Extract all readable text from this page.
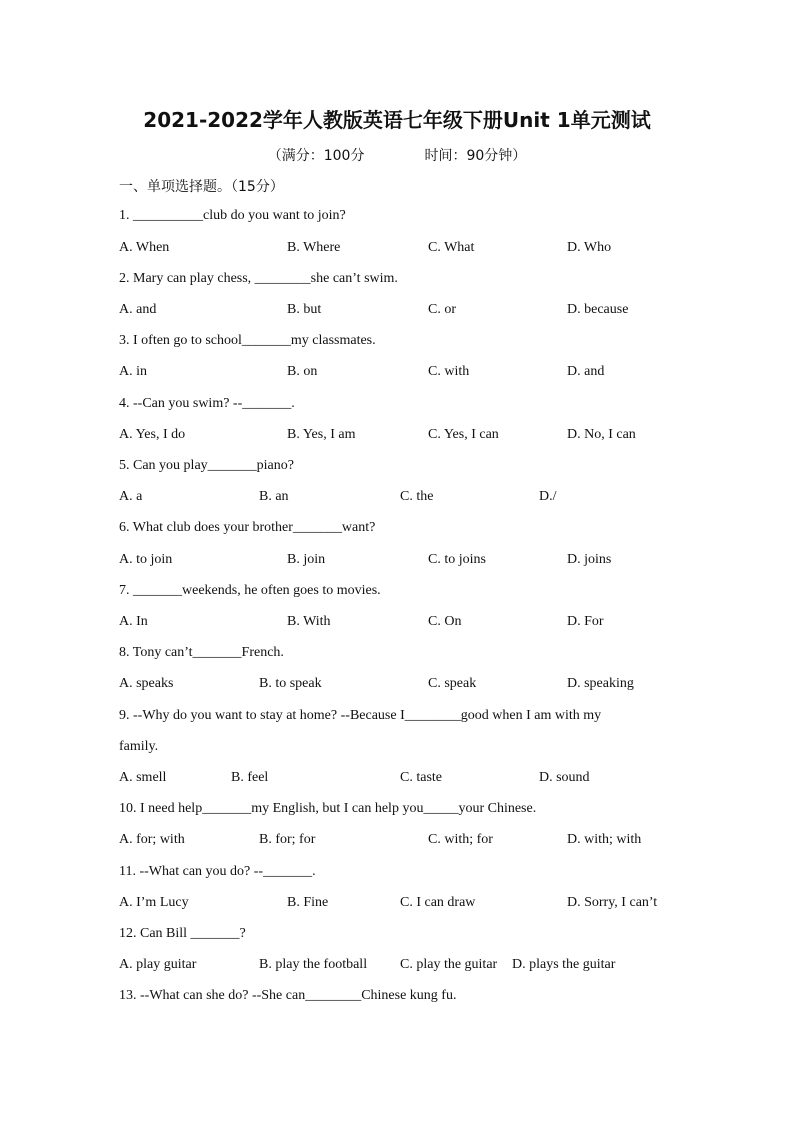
2021-2022学年人教版英语七年级下册Unit 1单元测试
（满分：100分	时间：90分钟）
一、单项选择题。（15分）
1. __________club do you want to join?
A. When	B. Where	C. What	D. Who
2. Mary can play chess, ________she can’t swim.
A. and	B. but	C. or	D. because
3. I often go to school_______my classmates.
A. in	B. on	C. with	D. and
4. --Can you swim? --_______.
A. Yes, I do	B. Yes, I am	C. Yes, I can	D. No, I can
5. Can you play_______piano?
A. a	B. an	C. the	D./
6. What club does your brother_______want?
A. to join	B. join	C. to joins	D. joins
7. _______weekends, he often goes to movies.
A. In	B. With	C. On	D. For
8. Tony can’t_______French.
A. speaks	B. to speak	C. speak	D. speaking
9. --Why do you want to stay at home? --Because I________good when I am with my
family.
A. smell	B. feel	C. taste	D. sound
10. I need help_______my English, but I can help you_____your Chinese.
A. for; with	B. for; for	C. with; for	D. with; with
11. --What can you do? --_______.
A. I’m Lucy	B. Fine	C. I can draw	D. Sorry, I can’t
12. Can Bill _______?
A. play guitar	B. play the football C. play the guitar D. plays the guitar
13. --What can she do? --She can________Chinese kung fu.
